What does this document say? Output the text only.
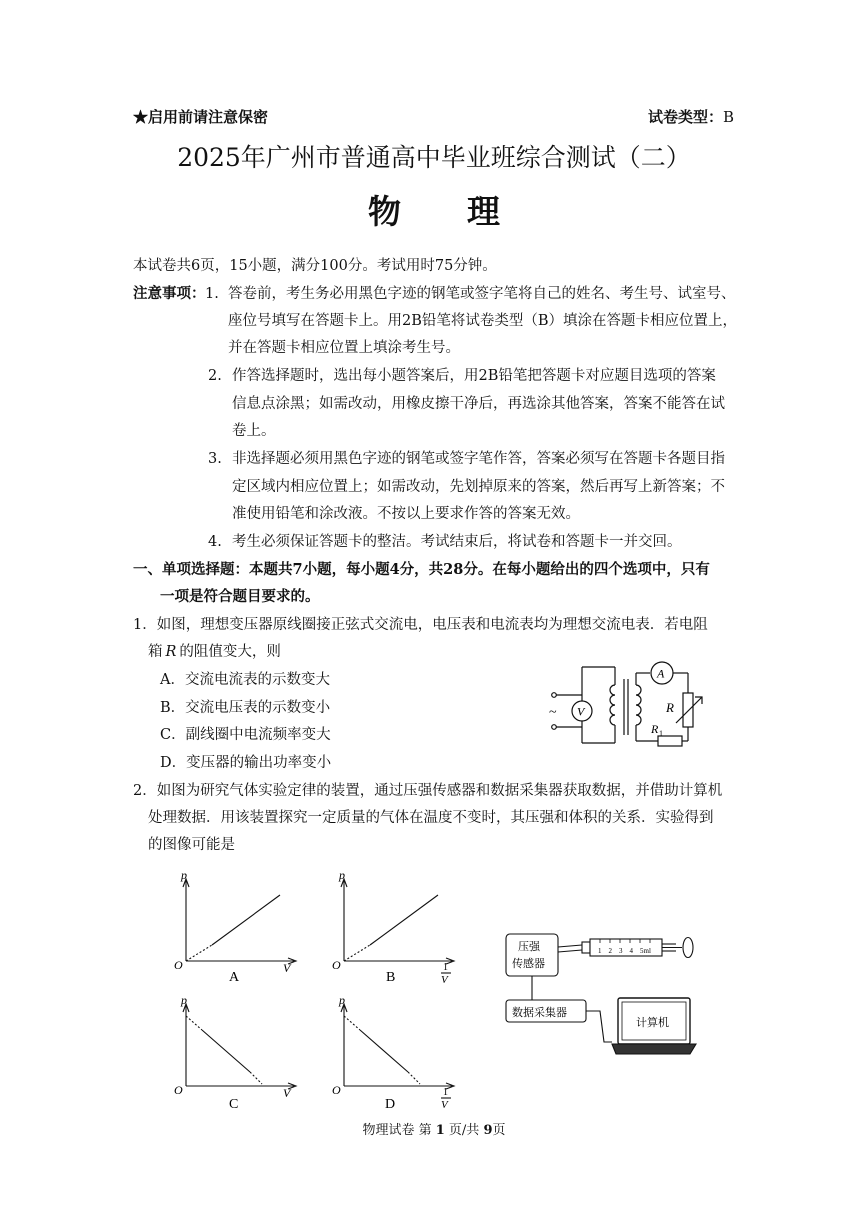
★启用前请注意保密	试卷类型：B
2025年广州市普通高中毕业班综合测试（二）
物　　理
本试卷共6页，15小题，满分100分。考试用时75分钟。
注意事项： 1. 答卷前，考生务必用黑色字迹的钢笔或签字笔将自己的姓名、考生号、试室号、
座位号填写在答题卡上。用2B铅笔将试卷类型（B）填涂在答题卡相应位置上，
并在答题卡相应位置上填涂考生号。
2. 作答选择题时，选出每小题答案后，用2B铅笔把答题卡对应题目选项的答案
信息点涂黑；如需改动，用橡皮擦干净后，再选涂其他答案，答案不能答在试
卷上。
3. 非选择题必须用黑色字迹的钢笔或签字笔作答，答案必须写在答题卡各题目指
定区域内相应位置上；如需改动，先划掉原来的答案，然后再写上新答案；不
准使用铅笔和涂改液。不按以上要求作答的答案无效。
4. 考生必须保证答题卡的整洁。考试结束后，将试卷和答题卡一并交回。
一、单项选择题：本题共7小题，每小题4分，共28分。在每小题给出的四个选项中，只有
一项是符合题目要求的。
1．如图，理想变压器原线圈接正弦式交流电，电压表和电流表均为理想交流电表．若电阻
箱 R 的阻值变大，则
A．交流电流表的示数变大
B．交流电压表的示数变小
C．副线圈中电流频率变大
D．变压器的输出功率变小
~ V
A
R
R 1
2．如图为研究气体实验定律的装置，通过压强传感器和数据采集器获取数据，并借助计算机
处理数据．用该装置探究一定质量的气体在温度不变时，其压强和体积的关系．实验得到
的图像可能是
p
O	V
A
p
O	1
V
B
p
O	V
C
p
O	1
V
D
压强
传感器
1　2　3　4　5ml
数据采集器
计算机
物理试卷 第 1 页/共 9页
